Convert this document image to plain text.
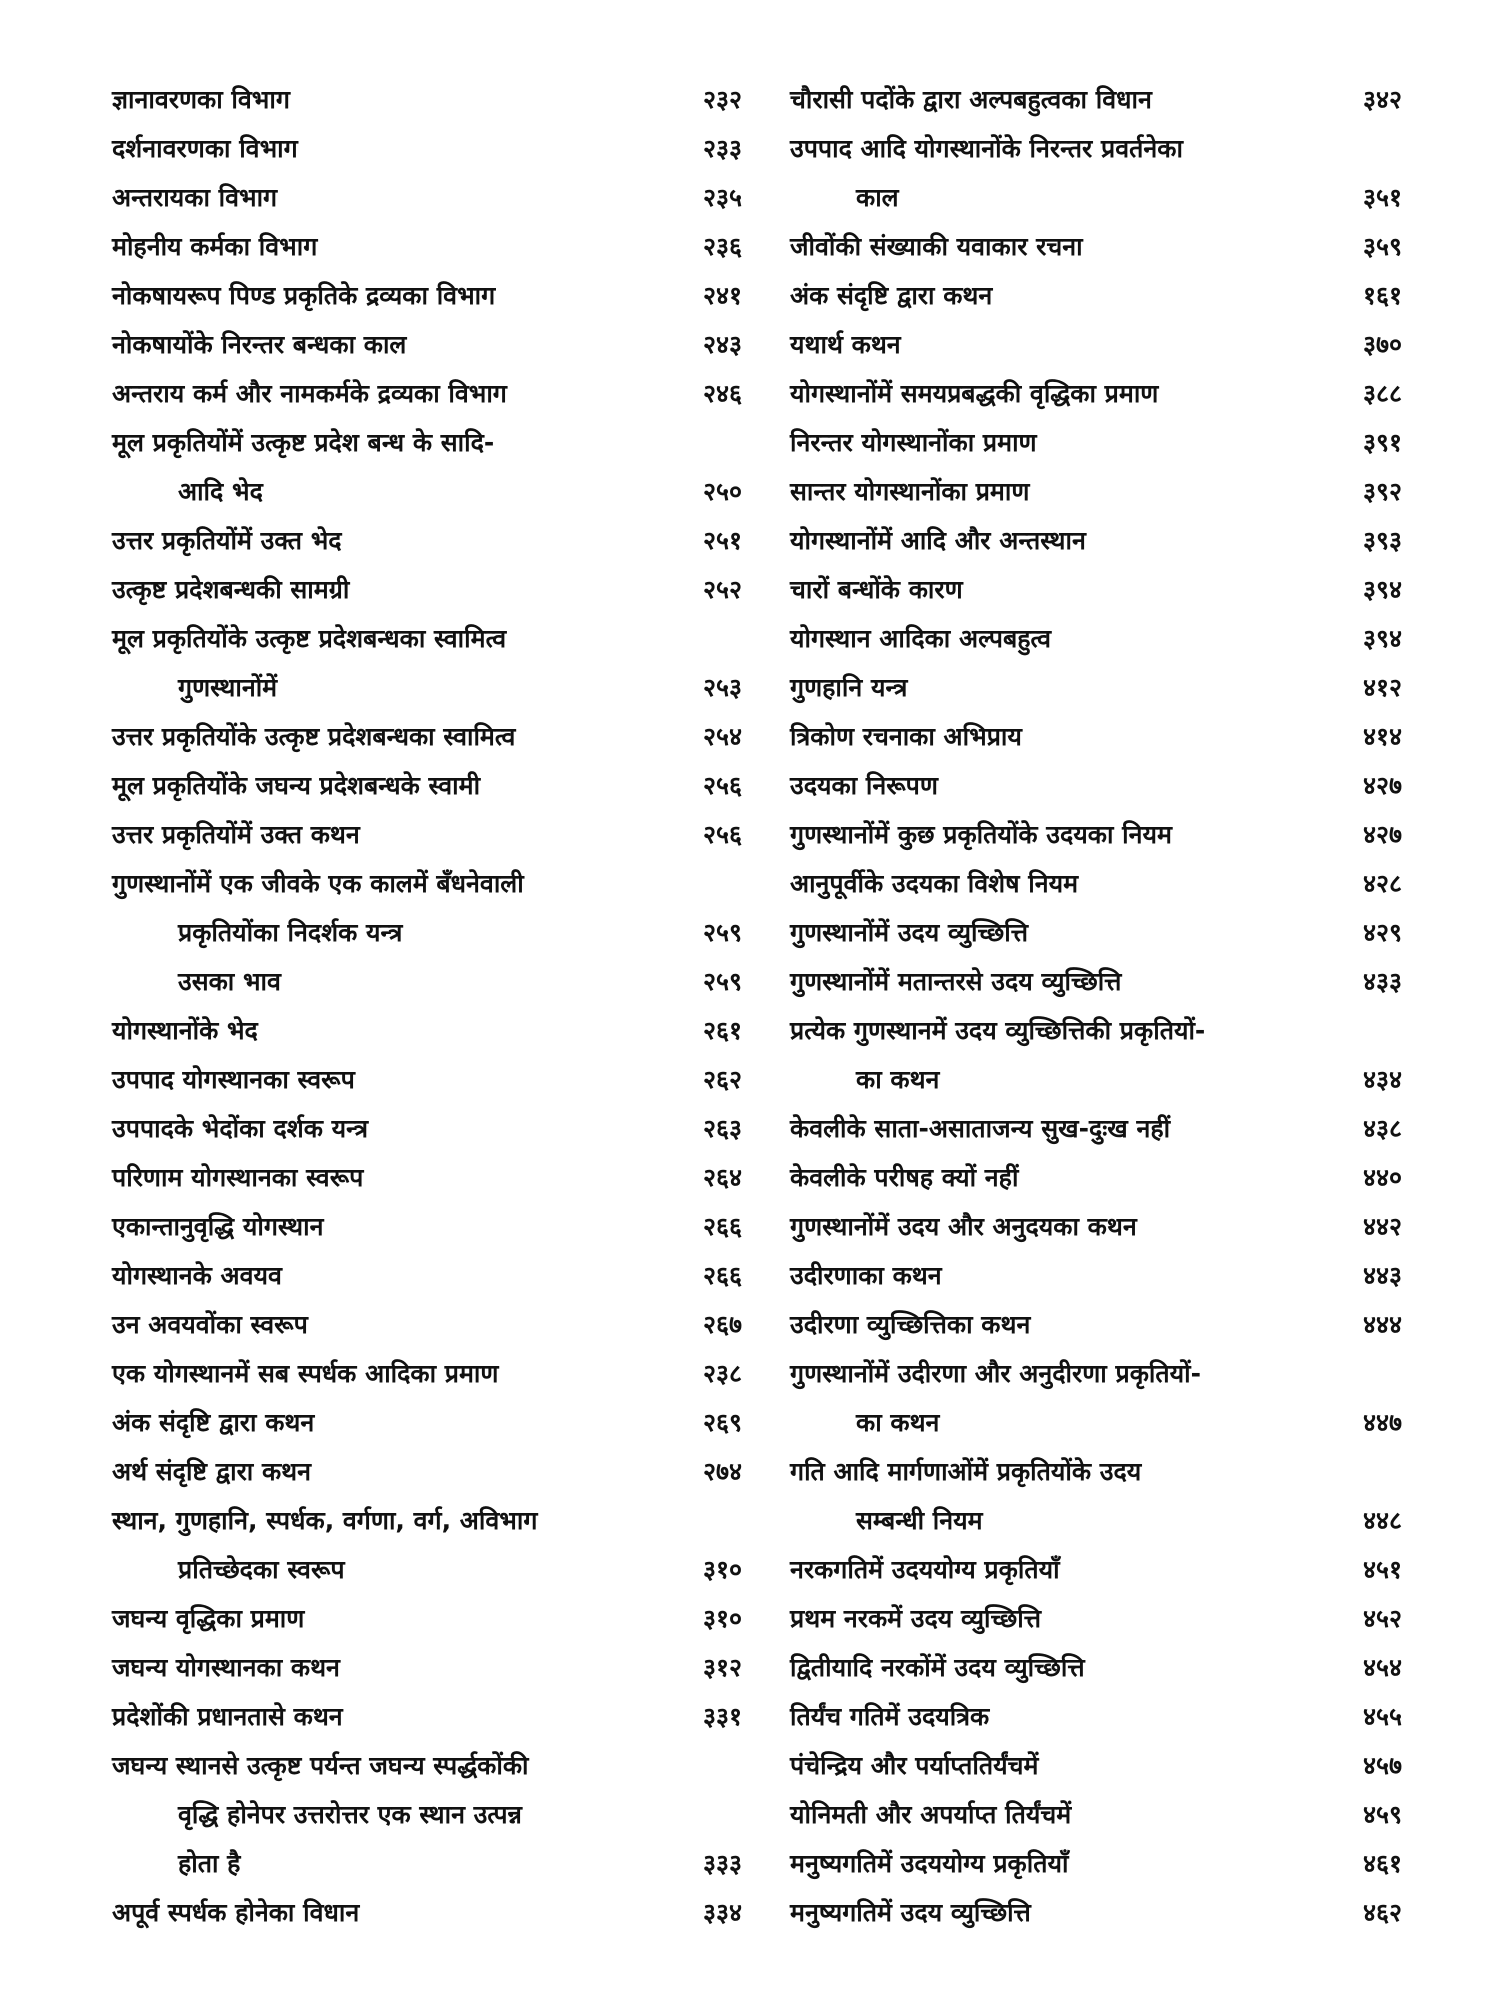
ज्ञानावरणका विभाग	२३२
दर्शनावरणका विभाग	२३३
अन्तरायका विभाग	२३५
मोहनीय कर्मका विभाग	२३६
नोकषायरूप पिण्ड प्रकृतिके द्रव्यका विभाग	२४१
नोकषायोंके निरन्तर बन्धका काल	२४३
अन्तराय कर्म और नामकर्मके द्रव्यका विभाग	२४६
मूल प्रकृतियोंमें उत्कृष्ट प्रदेश बन्ध के सादि-
आदि भेद	२५०
उत्तर प्रकृतियोंमें उक्त भेद	२५१
उत्कृष्ट प्रदेशबन्धकी सामग्री	२५२
मूल प्रकृतियोंके उत्कृष्ट प्रदेशबन्धका स्वामित्व
गुणस्थानोंमें	२५३
उत्तर प्रकृतियोंके उत्कृष्ट प्रदेशबन्धका स्वामित्व	२५४
मूल प्रकृतियोंके जघन्य प्रदेशबन्धके स्वामी	२५६
उत्तर प्रकृतियोंमें उक्त कथन	२५६
गुणस्थानोंमें एक जीवके एक कालमें बँधनेवाली
प्रकृतियोंका निदर्शक यन्त्र	२५९
उसका भाव	२५९
योगस्थानोंके भेद	२६१
उपपाद योगस्थानका स्वरूप	२६२
उपपादके भेदोंका दर्शक यन्त्र	२६३
परिणाम योगस्थानका स्वरूप	२६४
एकान्तानुवृद्धि योगस्थान	२६६
योगस्थानके अवयव	२६६
उन अवयवोंका स्वरूप	२६७
एक योगस्थानमें सब स्पर्धक आदिका प्रमाण	२३८
अंक संदृष्टि द्वारा कथन	२६९
अर्थ संदृष्टि द्वारा कथन	२७४
स्थान, गुणहानि, स्पर्धक, वर्गणा, वर्ग, अविभाग
प्रतिच्छेदका स्वरूप	३१०
जघन्य वृद्धिका प्रमाण	३१०
जघन्य योगस्थानका कथन	३१२
प्रदेशोंकी प्रधानतासे कथन	३३१
जघन्य स्थानसे उत्कृष्ट पर्यन्त जघन्य स्पर्द्धकोंकी
वृद्धि होनेपर उत्तरोत्तर एक स्थान उत्पन्न
होता है	३३३
अपूर्व स्पर्धक होनेका विधान	३३४
चौरासी पदोंके द्वारा अल्पबहुत्वका विधान	३४२
उपपाद आदि योगस्थानोंके निरन्तर प्रवर्तनेका
काल	३५१
जीवोंकी संख्याकी यवाकार रचना	३५९
अंक संदृष्टि द्वारा कथन	१६१
यथार्थ कथन	३७०
योगस्थानोंमें समयप्रबद्धकी वृद्धिका प्रमाण	३८८
निरन्तर योगस्थानोंका प्रमाण	३९१
सान्तर योगस्थानोंका प्रमाण	३९२
योगस्थानोंमें आदि और अन्तस्थान	३९३
चारों बन्धोंके कारण	३९४
योगस्थान आदिका अल्पबहुत्व	३९४
गुणहानि यन्त्र	४१२
त्रिकोण रचनाका अभिप्राय	४१४
उदयका निरूपण	४२७
गुणस्थानोंमें कुछ प्रकृतियोंके उदयका नियम	४२७
आनुपूर्वीके उदयका विशेष नियम	४२८
गुणस्थानोंमें उदय व्युच्छित्ति	४२९
गुणस्थानोंमें मतान्तरसे उदय व्युच्छित्ति	४३३
प्रत्येक गुणस्थानमें उदय व्युच्छित्तिकी प्रकृतियों-
का कथन	४३४
केवलीके साता-असाताजन्य सुख-दुःख नहीं	४३८
केवलीके परीषह क्यों नहीं	४४०
गुणस्थानोंमें उदय और अनुदयका कथन	४४२
उदीरणाका कथन	४४३
उदीरणा व्युच्छित्तिका कथन	४४४
गुणस्थानोंमें उदीरणा और अनुदीरणा प्रकृतियों-
का कथन	४४७
गति आदि मार्गणाओंमें प्रकृतियोंके उदय
सम्बन्धी नियम	४४८
नरकगतिमें उदययोग्य प्रकृतियाँ	४५१
प्रथम नरकमें उदय व्युच्छित्ति	४५२
द्वितीयादि नरकोंमें उदय व्युच्छित्ति	४५४
तिर्यंच गतिमें उदयत्रिक	४५५
पंचेन्द्रिय और पर्याप्ततिर्यंचमें	४५७
योनिमती और अपर्याप्त तिर्यंचमें	४५९
मनुष्यगतिमें उदययोग्य प्रकृतियाँ	४६१
मनुष्यगतिमें उदय व्युच्छित्ति	४६२
